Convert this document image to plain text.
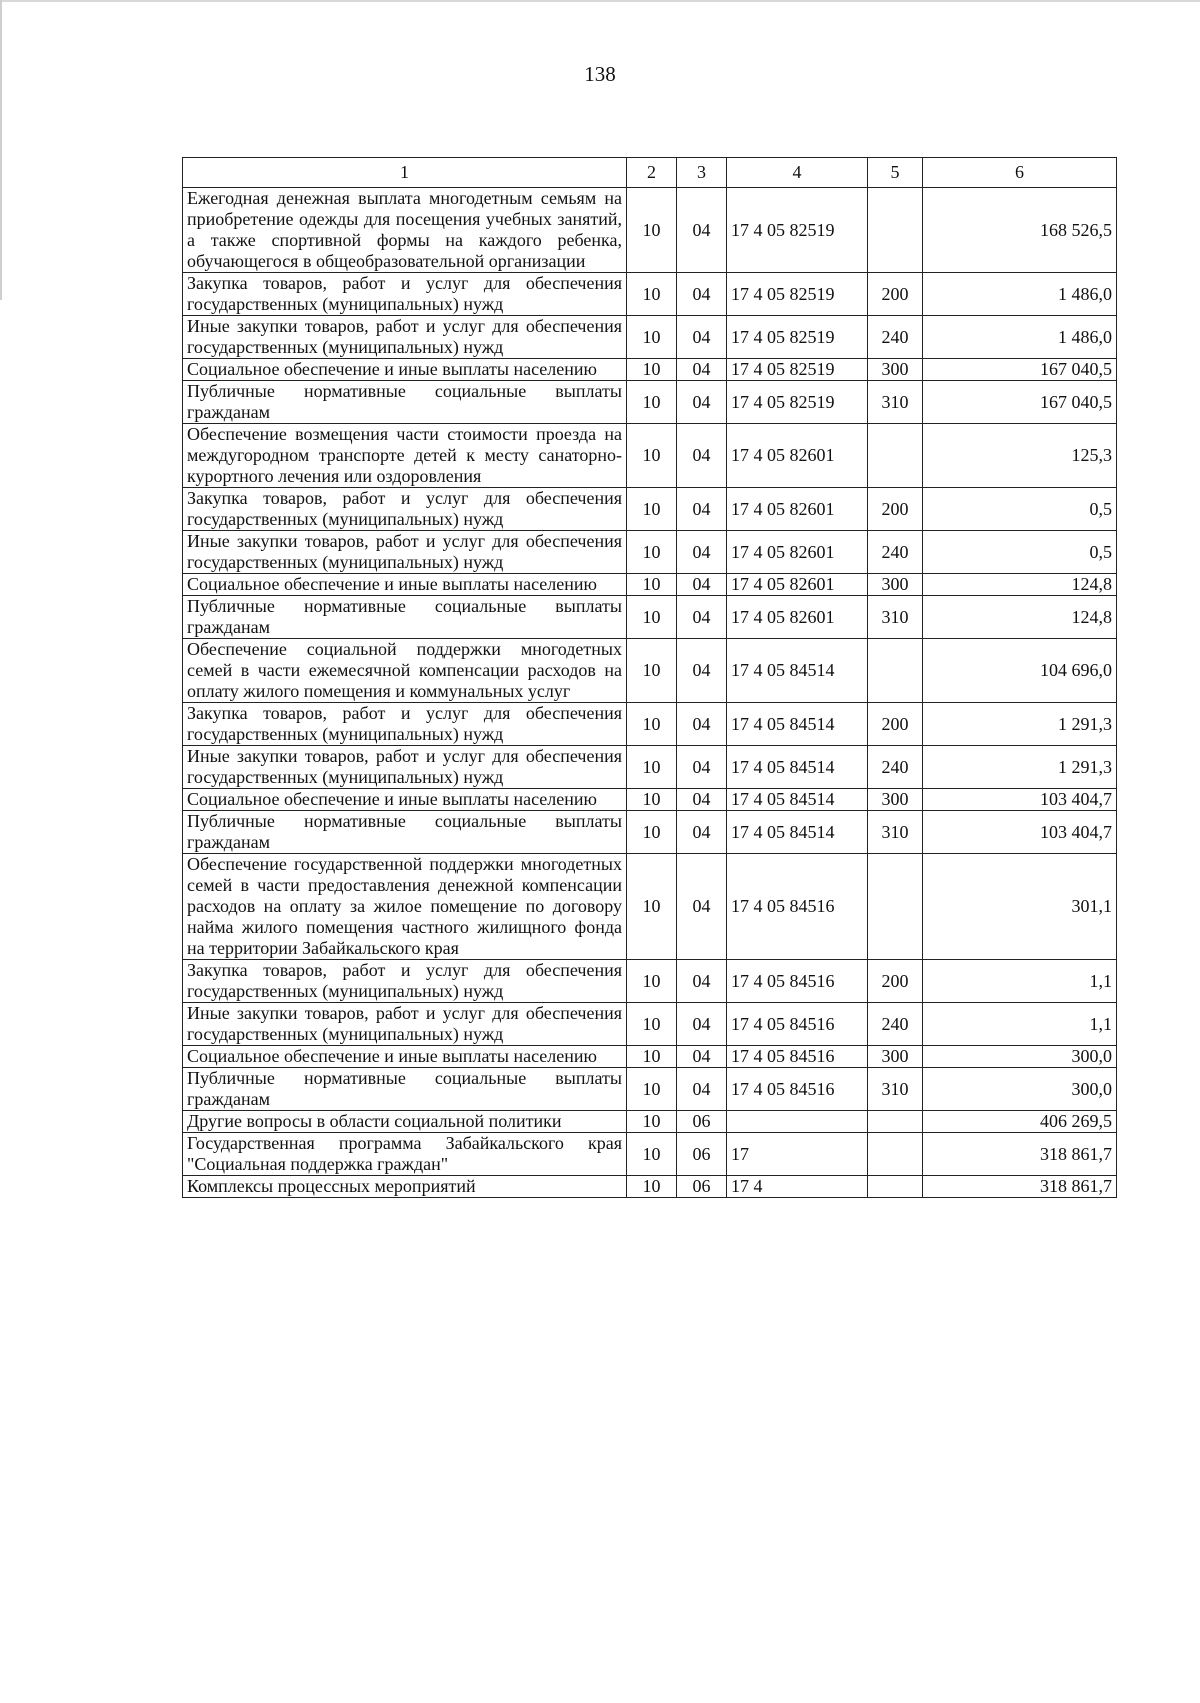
138
1	2	3	4	5	6
Ежегодная денежная выплата многодетным семьям на приобретение одежды для посещения учебных занятий, а также спортивной формы на каждого ребенка, обучающегося в общеобразовательной организации	10	04	17 4 05 82519		168 526,5
Закупка товаров, работ и услуг для обеспечения государственных (муниципальных) нужд	10	04	17 4 05 82519	200	1 486,0
Иные закупки товаров, работ и услуг для обеспечения государственных (муниципальных) нужд	10	04	17 4 05 82519	240	1 486,0
Социальное обеспечение и иные выплаты населению	10	04	17 4 05 82519	300	167 040,5
Публичные нормативные социальные выплаты гражданам	10	04	17 4 05 82519	310	167 040,5
Обеспечение возмещения части стоимости проезда на междугородном транспорте детей к месту санаторно-курортного лечения или оздоровления	10	04	17 4 05 82601		125,3
Закупка товаров, работ и услуг для обеспечения государственных (муниципальных) нужд	10	04	17 4 05 82601	200	0,5
Иные закупки товаров, работ и услуг для обеспечения государственных (муниципальных) нужд	10	04	17 4 05 82601	240	0,5
Социальное обеспечение и иные выплаты населению	10	04	17 4 05 82601	300	124,8
Публичные нормативные социальные выплаты гражданам	10	04	17 4 05 82601	310	124,8
Обеспечение социальной поддержки многодетных семей в части ежемесячной компенсации расходов на оплату жилого помещения и коммунальных услуг	10	04	17 4 05 84514		104 696,0
Закупка товаров, работ и услуг для обеспечения государственных (муниципальных) нужд	10	04	17 4 05 84514	200	1 291,3
Иные закупки товаров, работ и услуг для обеспечения государственных (муниципальных) нужд	10	04	17 4 05 84514	240	1 291,3
Социальное обеспечение и иные выплаты населению	10	04	17 4 05 84514	300	103 404,7
Публичные нормативные социальные выплаты гражданам	10	04	17 4 05 84514	310	103 404,7
Обеспечение государственной поддержки многодетных семей в части предоставления денежной компенсации расходов на оплату за жилое помещение по договору найма жилого помещения частного жилищного фонда на территории Забайкальского края	10	04	17 4 05 84516		301,1
Закупка товаров, работ и услуг для обеспечения государственных (муниципальных) нужд	10	04	17 4 05 84516	200	1,1
Иные закупки товаров, работ и услуг для обеспечения государственных (муниципальных) нужд	10	04	17 4 05 84516	240	1,1
Социальное обеспечение и иные выплаты населению	10	04	17 4 05 84516	300	300,0
Публичные нормативные социальные выплаты гражданам	10	04	17 4 05 84516	310	300,0
Другие вопросы в области социальной политики	10	06			406 269,5
Государственная программа Забайкальского края "Социальная поддержка граждан"	10	06	17		318 861,7
Комплексы процессных мероприятий	10	06	17 4		318 861,7
